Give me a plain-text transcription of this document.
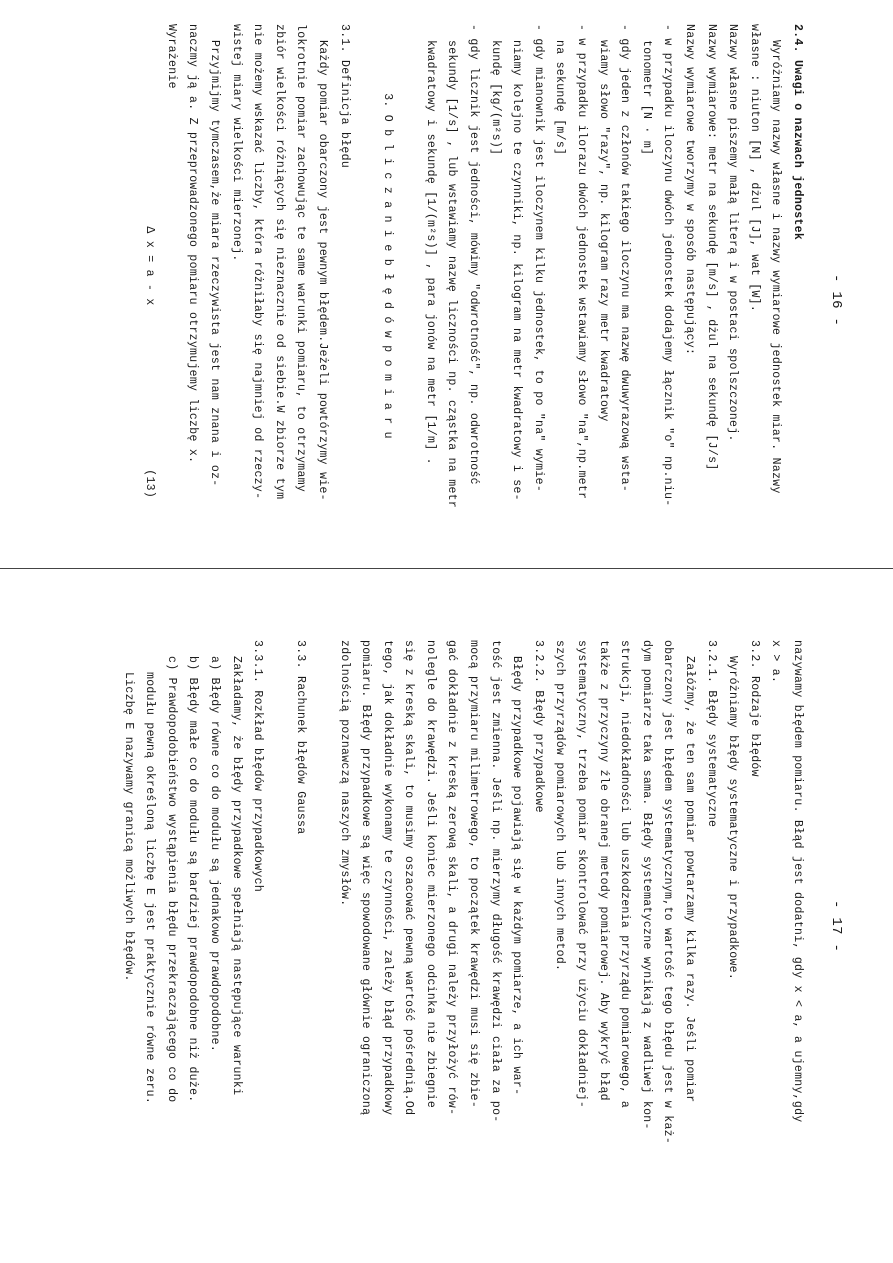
- 16 -
2.4. Uwagi o nazwach jednostek
Wyróżniamy nazwy własne i nazwy wymiarowe jednostek miar. Nazwy
własne : niuton [N] , dżul [J], wat [W].
Nazwy własne piszemy małą literą i w postaci spolszczonej.
Nazwy wymiarowe: metr na sekundę [m/s] , dżul na sekundę [J/s]
Nazwy wymiarowe tworzymy w sposób następujący:
- w przypadku iloczynu dwóch jednostek dodajemy łącznik "o" np.niu-
tonometr [N · m]
- gdy jeden z członów takiego iloczynu ma nazwę dwuwyrazową wsta-
wiamy słowo "razy", np. kilogram razy metr kwadratowy
- w przypadku ilorazu dwóch jednostek wstawiamy słowo "na",np.metr
na sekundę [m/s]
- gdy mianownik jest iloczynem kilku jednostek, to po "na" wymie-
niamy kolejno te czynniki, np. kilogram na metr kwadratowy i se-
kundę [kg/(m²s)]
- gdy licznik jest jedności, mówimy "odwrotność", np. odwrotność
sekundy [1/s] , lub wstawiamy nazwę liczności np. cząstka na metr
kwadratowy i sekundę [1/(m²s)] , para jonów na metr [1/m] .
3. O b l i c z a n i e b ł ę d ó w p o m i a r u
3.1. Definicja błędu
Każdy pomiar obarczony jest pewnym błędem.Jeżeli powtórzymy wie-
lokrotnie pomiar zachowując te same warunki pomiaru, to otrzymamy
zbiór wielkości różniących się nieznacznie od siebie.W zbiorze tym
nie możemy wskazać liczby, która różniłaby się najmniej od rzeczy-
wistej miary wielkości mierzonej.
Przyjmijmy tymczasem,że miara rzeczywista jest nam znana i oz-
naczmy ją a. Z przeprowadzonego pomiaru otrzymujemy liczbę x.
Wyrażenie
Δ x = a - x
(13)
- 17 -
nazywamy błędem pomiaru. Błąd jest dodatni, gdy x < a, a ujemny,gdy
x > a.
3.2. Rodzaje błędów
Wyróżniamy błędy systematyczne i przypadkowe.
3.2.1. Błędy systematyczne
Załóżmy, że ten sam pomiar powtarzamy kilka razy. Jeśli pomiar
obarczony jest błędem systematycznym,to wartość tego błędu jest w każ-
dym pomiarze taka sama. Błędy systematyczne wynikają z wadliwej kon-
strukcji, niedokładności lub uszkodzenia przyrządu pomiarowego, a
także z przyczyny źle obranej metody pomiarowej. Aby wykryć błąd
systematyczny, trzeba pomiar skontrolować przy użyciu dokładniej-
szych przyrządów pomiarowych lub innych metod.
3.2.2. Błędy przypadkowe
Błędy przypadkowe pojawiają się w każdym pomiarze, a ich war-
tość jest zmienna. Jeśli np. mierzymy długość krawędzi ciała za po-
mocą przymiaru milimetrowego, to początek krawędzi musi się zbie-
gać dokładnie z kreską zerową skali, a drugi należy przyłożyć rów-
nolegle do krawędzi. Jeśli koniec mierzonego odcinka nie zbiegnie
się z kreską skali, to musimy oszacować pewną wartość pośrednią.Od
tego, jak dokładnie wykonamy te czynności, zależy błąd przypadkowy
pomiaru. Błędy przypadkowe są więc spowodowane głównie ograniczoną
zdolnością poznawczą naszych zmysłów.
3.3. Rachunek błędów Gaussa
3.3.1. Rozkład błędów przypadkowych
Zakładamy, że błędy przypadkowe spełniają następujące warunki
a) Błędy równe co do modułu są jednakowo prawdopodobne.
b) Błędy małe co do modułu są bardziej prawdopodobne niż duże.
c) Prawdopodobieństwo wystąpienia błędu przekraczającego co do
modułu pewną określoną liczbę E jest praktycznie równe zeru.
Liczbę E nazywamy granicą możliwych błędów.
